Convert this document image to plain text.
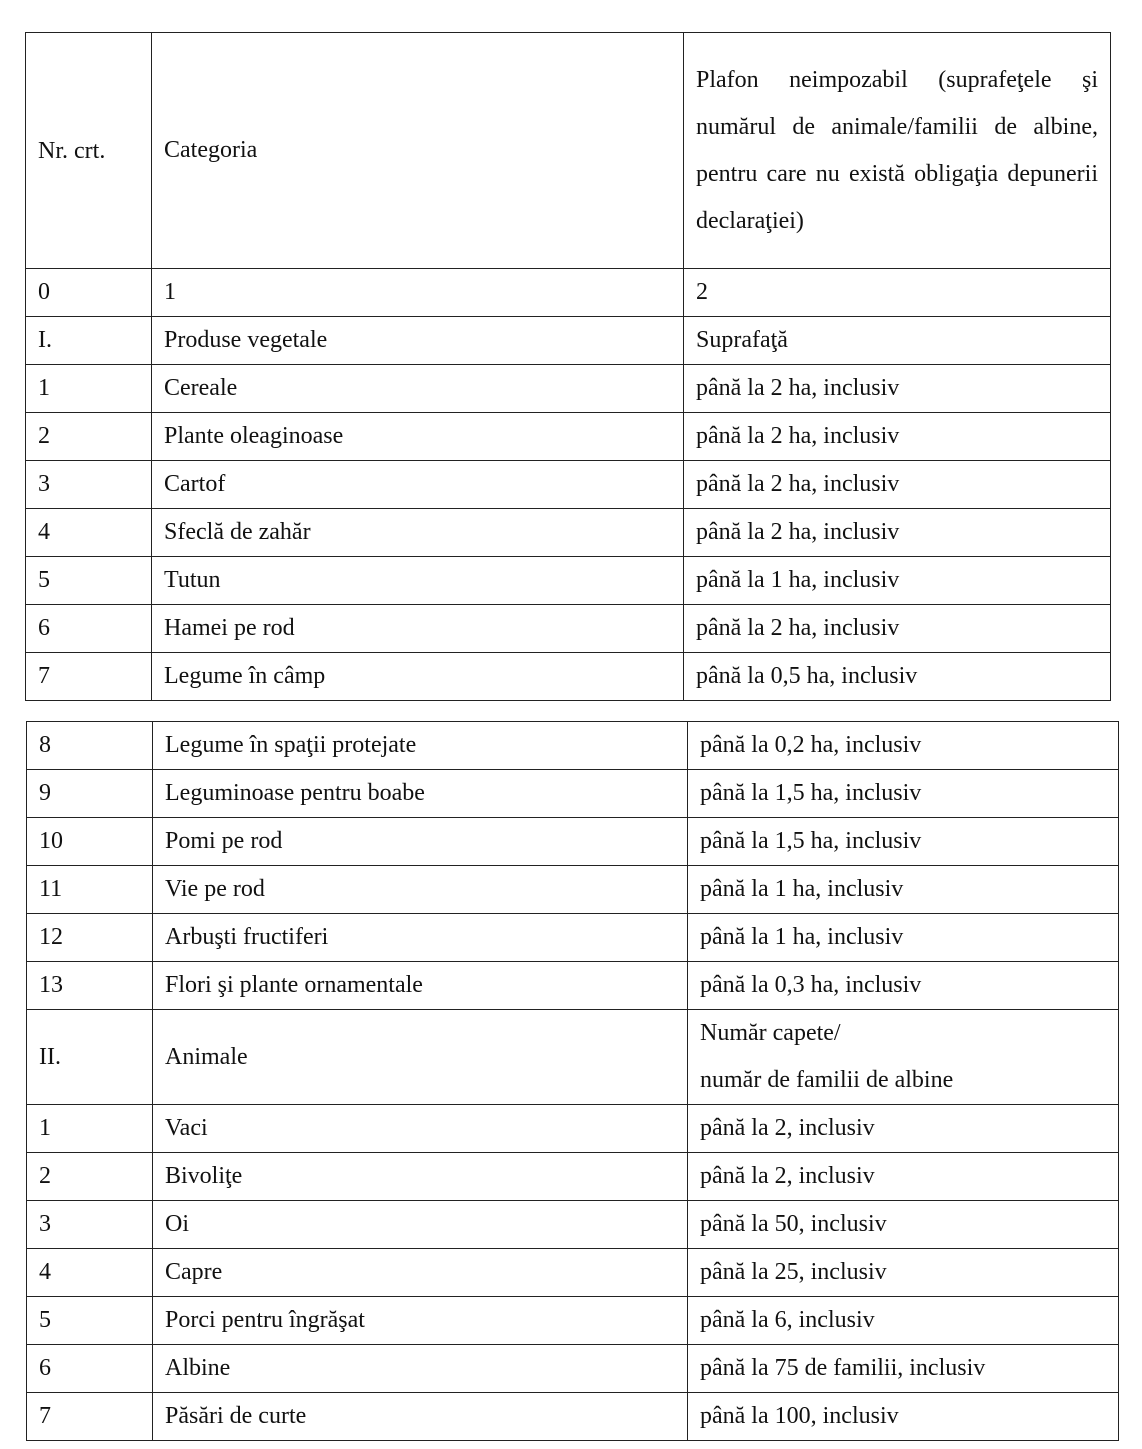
Nr. crt.	Categoria	Plafon neimpozabil (suprafeţele şi numărul de animale/familii de albine, pentru care nu există obligaţia depunerii declaraţiei)
0	1	2
I.	Produse vegetale	Suprafaţă
1	Cereale	până la 2 ha, inclusiv
2	Plante oleaginoase	până la 2 ha, inclusiv
3	Cartof	până la 2 ha, inclusiv
4	Sfeclă de zahăr	până la 2 ha, inclusiv
5	Tutun	până la 1 ha, inclusiv
6	Hamei pe rod	până la 2 ha, inclusiv
7	Legume în câmp	până la 0,5 ha, inclusiv
8	Legume în spaţii protejate	până la 0,2 ha, inclusiv
9	Leguminoase pentru boabe	până la 1,5 ha, inclusiv
10	Pomi pe rod	până la 1,5 ha, inclusiv
11	Vie pe rod	până la 1 ha, inclusiv
12	Arbuşti fructiferi	până la 1 ha, inclusiv
13	Flori şi plante ornamentale	până la 0,3 ha, inclusiv
II.	Animale	Număr capete/
număr de familii de albine

1	Vaci	până la 2, inclusiv
2	Bivoliţe	până la 2, inclusiv
3	Oi	până la 50, inclusiv
4	Capre	până la 25, inclusiv
5	Porci pentru îngrăşat	până la 6, inclusiv
6	Albine	până la 75 de familii, inclusiv
7	Păsări de curte	până la 100, inclusiv
